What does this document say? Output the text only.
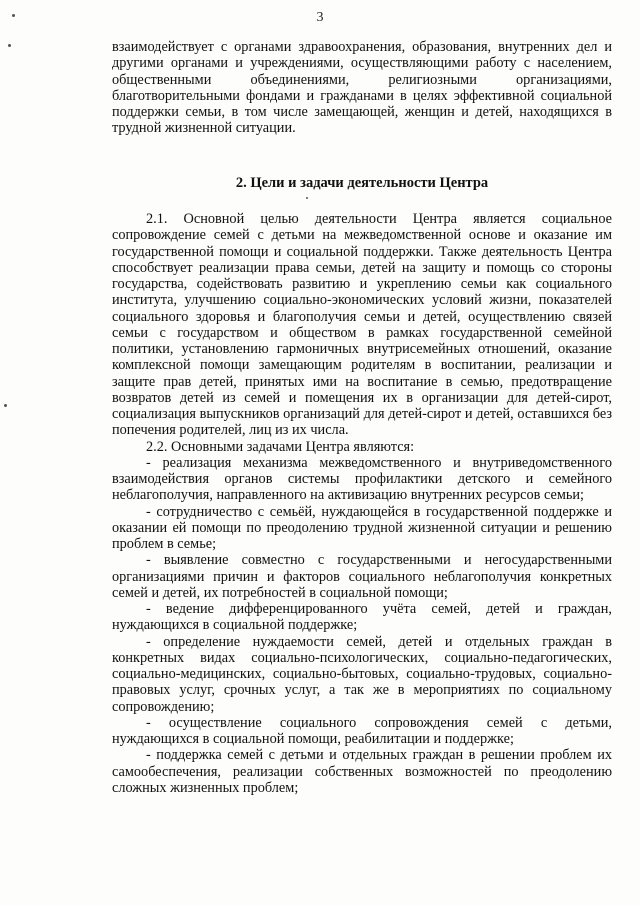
3

взаимодействует с органами здравоохранения, образования, внутренних дел и другими органами и учреждениями, осуществляющими работу с населением, общественными объединениями, религиозными организациями, благотворительными фондами и гражданами в целях эффективной социальной поддержки семьи, в том числе замещающей, женщин и детей, находящихся в трудной жизненной ситуации.

2. Цели и задачи деятельности Центра

2.1. Основной целью деятельности Центра является социальное сопровождение семей с детьми на межведомственной основе и оказание им государственной помощи и социальной поддержки. Также деятельность Центра способствует реализации права семьи, детей на защиту и помощь со стороны государства, содействовать развитию и укреплению семьи как социального института, улучшению социально-экономических условий жизни, показателей социального здоровья и благополучия семьи и детей, осуществлению связей семьи с государством и обществом в рамках государственной семейной политики, установлению гармоничных внутрисемейных отношений, оказание комплексной помощи замещающим родителям в воспитании, реализации и защите прав детей, принятых ими на воспитание в семью, предотвращение возвратов детей из семей и помещения их в организации для детей-сирот, социализация выпускников организаций для детей-сирот и детей, оставшихся без попечения родителей, лиц из их числа.

2.2. Основными задачами Центра являются:

- реализация механизма межведомственного и внутриведомственного взаимодействия органов системы профилактики детского и семейного неблагополучия, направленного на активизацию внутренних ресурсов семьи;

- сотрудничество с семьёй, нуждающейся в государственной поддержке и оказании ей помощи по преодолению трудной жизненной ситуации и решению проблем в семье;

- выявление совместно с государственными и негосударственными организациями причин и факторов социального неблагополучия конкретных семей и детей, их потребностей в социальной помощи;

- ведение дифференцированного учёта семей, детей и граждан, нуждающихся в социальной поддержке;

- определение нуждаемости семей, детей и отдельных граждан в конкретных видах социально-психологических, социально-педагогических, социально-медицинских, социально-бытовых, социально-трудовых, социально-правовых услуг, срочных услуг, а так же в мероприятиях по социальному сопровождению;

- осуществление социального сопровождения семей с детьми, нуждающихся в социальной помощи, реабилитации и поддержке;

- поддержка семей с детьми и отдельных граждан в решении проблем их самообеспечения, реализации собственных возможностей по преодолению сложных жизненных проблем;
